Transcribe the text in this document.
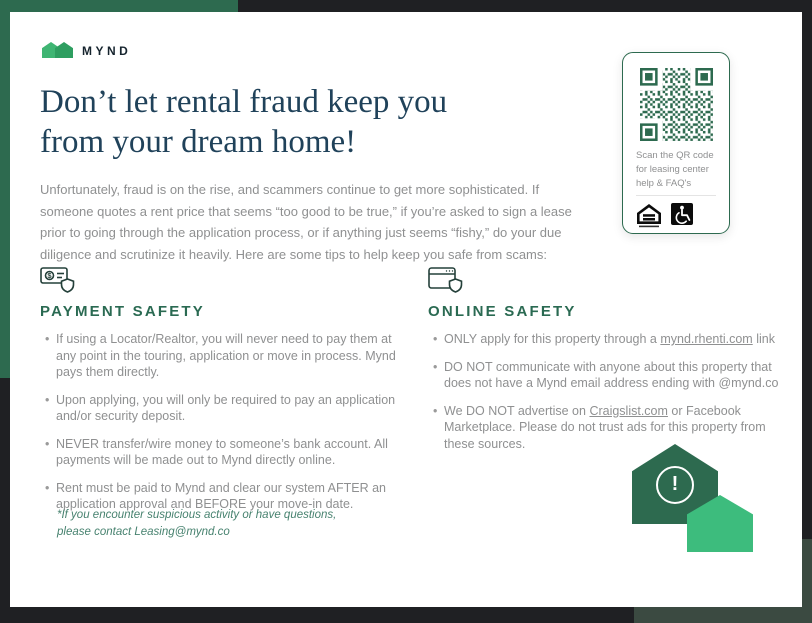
MYND
Don’t let rental fraud keep you
from your dream home!
Unfortunately, fraud is on the rise, and scammers continue to get more sophisticated. If someone quotes a rent price that seems “too good to be true,” if you’re asked to sign a lease prior to going through the application process, or if anything just seems “fishy,” do your due diligence and scrutinize it heavily. Here are some tips to help keep you safe from scams:
$
PAYMENT SAFETY
• If using a Locator/Realtor, you will never need to pay them at any point in the touring, application or move in process. Mynd pays them directly.
• Upon applying, you will only be required to pay an application and/or security deposit.
• NEVER transfer/wire money to someone’s bank account. All payments will be made out to Mynd directly online.
• Rent must be paid to Mynd and clear our system AFTER an application approval and BEFORE your move-in date.
ONLINE SAFETY
• ONLY apply for this property through a mynd.rhenti.com link
• DO NOT communicate with anyone about this property that does not have a Mynd email address ending with @mynd.co
• We DO NOT advertise on Craigslist.com or Facebook Marketplace. Please do not trust ads for this property from these sources.
*If you encounter suspicious activity or have questions,
please contact Leasing@mynd.co
Scan the QR code for leasing center help & FAQ's
!
